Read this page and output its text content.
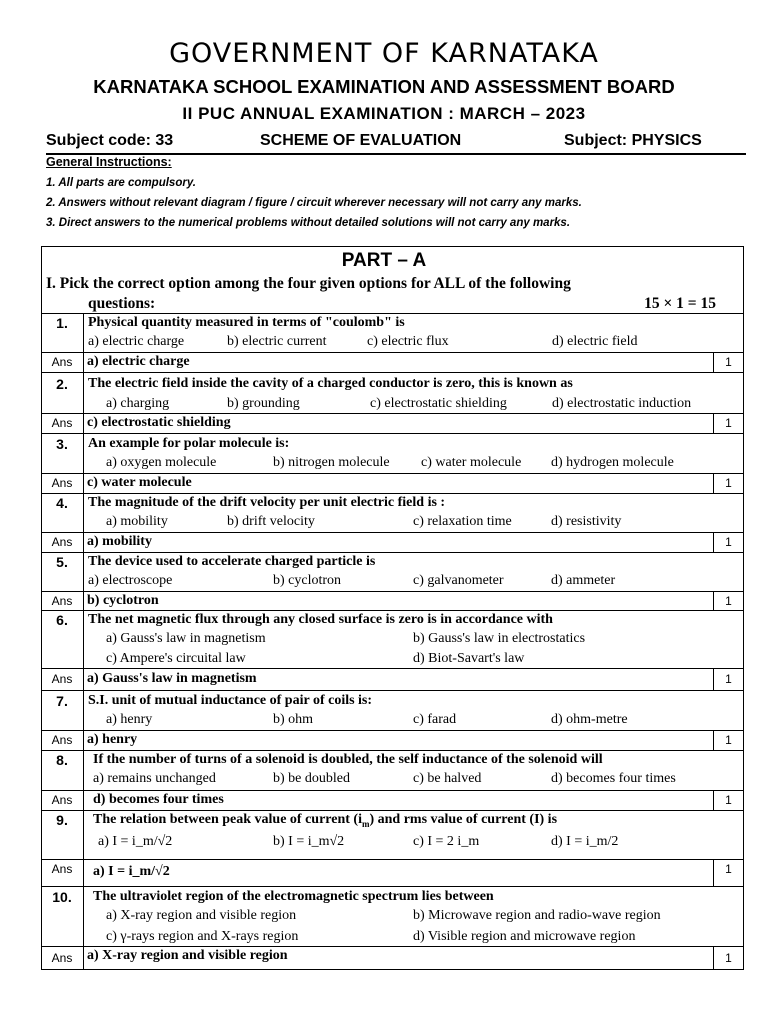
GOVERNMENT OF KARNATAKA
KARNATAKA SCHOOL EXAMINATION AND ASSESSMENT BOARD
II PUC ANNUAL EXAMINATION : MARCH – 2023
Subject code: 33	SCHEME OF EVALUATION	Subject: PHYSICS
General Instructions:
1. All parts are compulsory.
2. Answers without relevant diagram / figure / circuit wherever necessary will not carry any marks.
3. Direct answers to the numerical problems without detailed solutions will not carry any marks.
PART – A
I. Pick the correct option among the four given options for ALL of the following
questions:	15 × 1 = 15
1.	Physical quantity measured in terms of "coulomb" is
a) electric charge	b) electric current	c) electric flux	d) electric field
Ans	a) electric charge	1
2.	The electric field inside the cavity of a charged conductor is zero, this is known as
a) charging	b) grounding	c) electrostatic shielding	d) electrostatic induction
Ans	c) electrostatic shielding	1
3.	An example for polar molecule is:
a) oxygen molecule	b) nitrogen molecule c) water molecule d) hydrogen molecule
Ans	c) water molecule	1
4.	The magnitude of the drift velocity per unit electric field is :
a) mobility	b) drift velocity	c) relaxation time	d) resistivity
Ans	a) mobility	1
5.	The device used to accelerate charged particle is
a) electroscope	b) cyclotron	c) galvanometer	d) ammeter
Ans	b) cyclotron	1
6.	The net magnetic flux through any closed surface is zero is in accordance with
a) Gauss's law in magnetism	b) Gauss's law in electrostatics
c) Ampere's circuital law	d) Biot-Savart's law
Ans	a) Gauss's law in magnetism	1
7.	S.I. unit of mutual inductance of pair of coils is:
a) henry	b) ohm	c) farad	d) ohm-metre
Ans	a) henry	1
8.	If the number of turns of a solenoid is doubled, the self inductance of the solenoid will
a) remains unchanged	b) be doubled	c) be halved	d) becomes four times
Ans	d) becomes four times	1
9.	The relation between peak value of current $(i_m)$ and rms value of current (I) is
a) I = i_m/√2	b) I = i_m√2	c) I = 2 i_m	d) I = i_m/2
Ans	a) I = i_m/√2	1
10.	The ultraviolet region of the electromagnetic spectrum lies between
a) X-ray region and visible region	b) Microwave region and radio-wave region
c) γ-rays region and X-rays region	d) Visible region and microwave region
Ans	a) X-ray region and visible region	1
